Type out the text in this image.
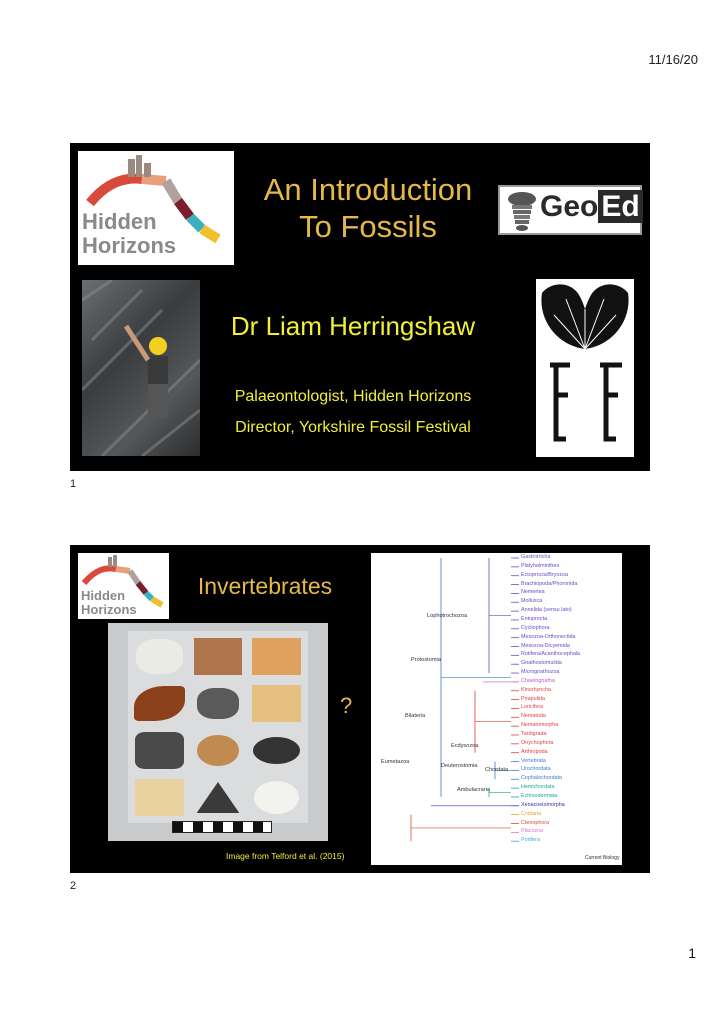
11/16/20
Hidden
Horizons
An Introduction
To Fossils
Geo Ed
Dr Liam Herringshaw
Palaeontologist, Hidden Horizons
Director, Yorkshire Fossil Festival
1
Hidden
Horizons
Invertebrates
?
Gastrotricha
Platyhelminthes
Ectoprocta/Bryozoa
Brachiopoda/Phoronida
Nemertea
Mollusca
Annelida (sensu lato)
Entoprocta
Cycliophora
Mesozoa-Orthonectida
Mesozoa-Dicyemida
Rotifera/Acanthocephala
Gnathostomulida
Micrognathozoa
Chaetognatha
Kinorhyncha
Priapulida
Loricifera
Nematoda
Nematomorpha
Tardigrada
Onychophora
Arthropoda
Vertebrata
Urochordata
Cephalochordata
Hemichordata
Echinodermata
Xenacoelomorpha
Cnidaria
Ctenophora
Placozoa
Porifera
Lophotrochozoa
Protostomia
Bilateria
Ecdysozoa
Eumetazoa
Deuterostomia
Chordata
Ambulacraria
Current Biology
Image from Telford et al. (2015)
2
1
